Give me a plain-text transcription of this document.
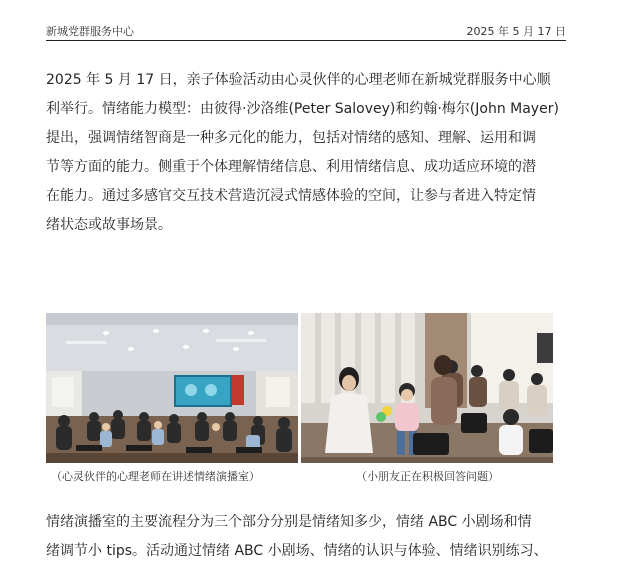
新城党群服务中心	2025 年 5 月 17 日
2025 年 5 月 17 日，亲子体验活动由心灵伙伴的心理老师在新城党群服务中心顺
利举行。情绪能力模型：由彼得·沙洛维(Peter Salovey)和约翰·梅尔(John Mayer)
提出，强调情绪智商是一种多元化的能力，包括对情绪的感知、理解、运用和调
节等方面的能力。侧重于个体理解情绪信息、利用情绪信息、成功适应环境的潜
在能力。通过多感官交互技术营造沉浸式情感体验的空间，让参与者进入特定情
绪状态或故事场景。
（心灵伙伴的心理老师在讲述情绪演播室）	（小朋友正在积极回答问题）
情绪演播室的主要流程分为三个部分分别是情绪知多少，情绪 ABC 小剧场和情
绪调节小 tips。活动通过情绪 ABC 小剧场、情绪的认识与体验、情绪识别练习、
